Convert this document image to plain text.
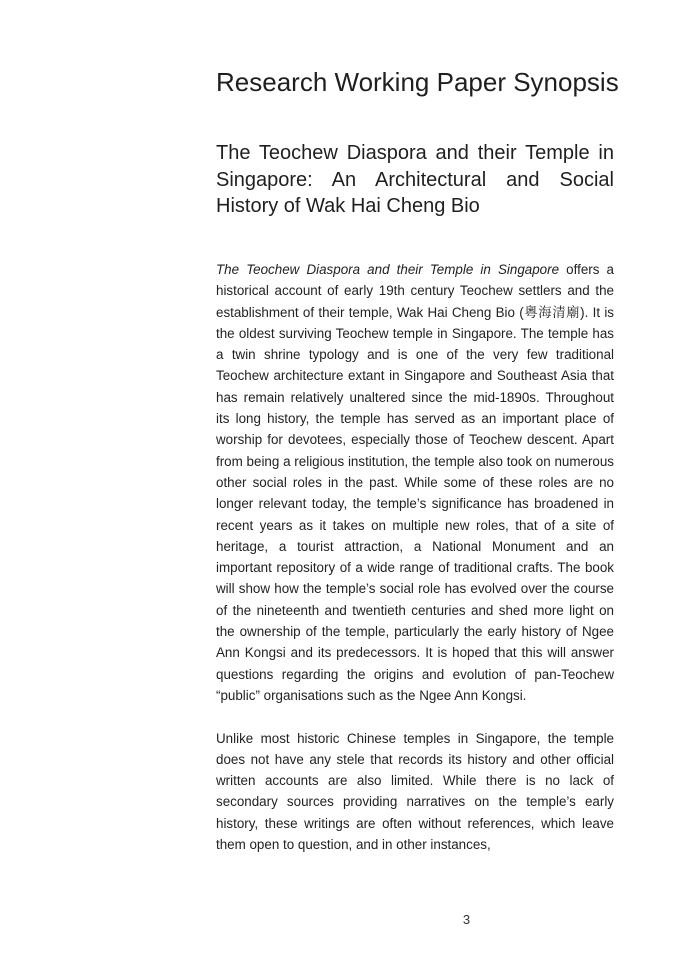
Research Working Paper Synopsis
The Teochew Diaspora and their Temple in Singapore: An Architectural and Social History of Wak Hai Cheng Bio

The Teochew Diaspora and their Temple in Singapore offers a historical account of early 19th century Teochew settlers and the establishment of their temple, Wak Hai Cheng Bio (粵海清廟). It is the oldest surviving Teochew temple in Singapore. The temple has a twin shrine typology and is one of the very few traditional Teochew architecture extant in Singapore and Southeast Asia that has remain relatively unaltered since the mid-1890s. Throughout its long history, the temple has served as an important place of worship for devotees, especially those of Teochew descent. Apart from being a religious institution, the temple also took on numerous other social roles in the past. While some of these roles are no longer relevant today, the temple’s significance has broadened in recent years as it takes on multiple new roles, that of a site of heritage, a tourist attraction, a National Monument and an important repository of a wide range of traditional crafts. The book will show how the temple’s social role has evolved over the course of the nineteenth and twentieth centuries and shed more light on the ownership of the temple, particularly the early history of Ngee Ann Kongsi and its predecessors. It is hoped that this will answer questions regarding the origins and evolution of pan-Teochew “public” organisations such as the Ngee Ann Kongsi.

Unlike most historic Chinese temples in Singapore, the temple does not have any stele that records its history and other official written accounts are also limited. While there is no lack of secondary sources providing narratives on the temple’s early history, these writings are often without references, which leave them open to question, and in other instances,

3
